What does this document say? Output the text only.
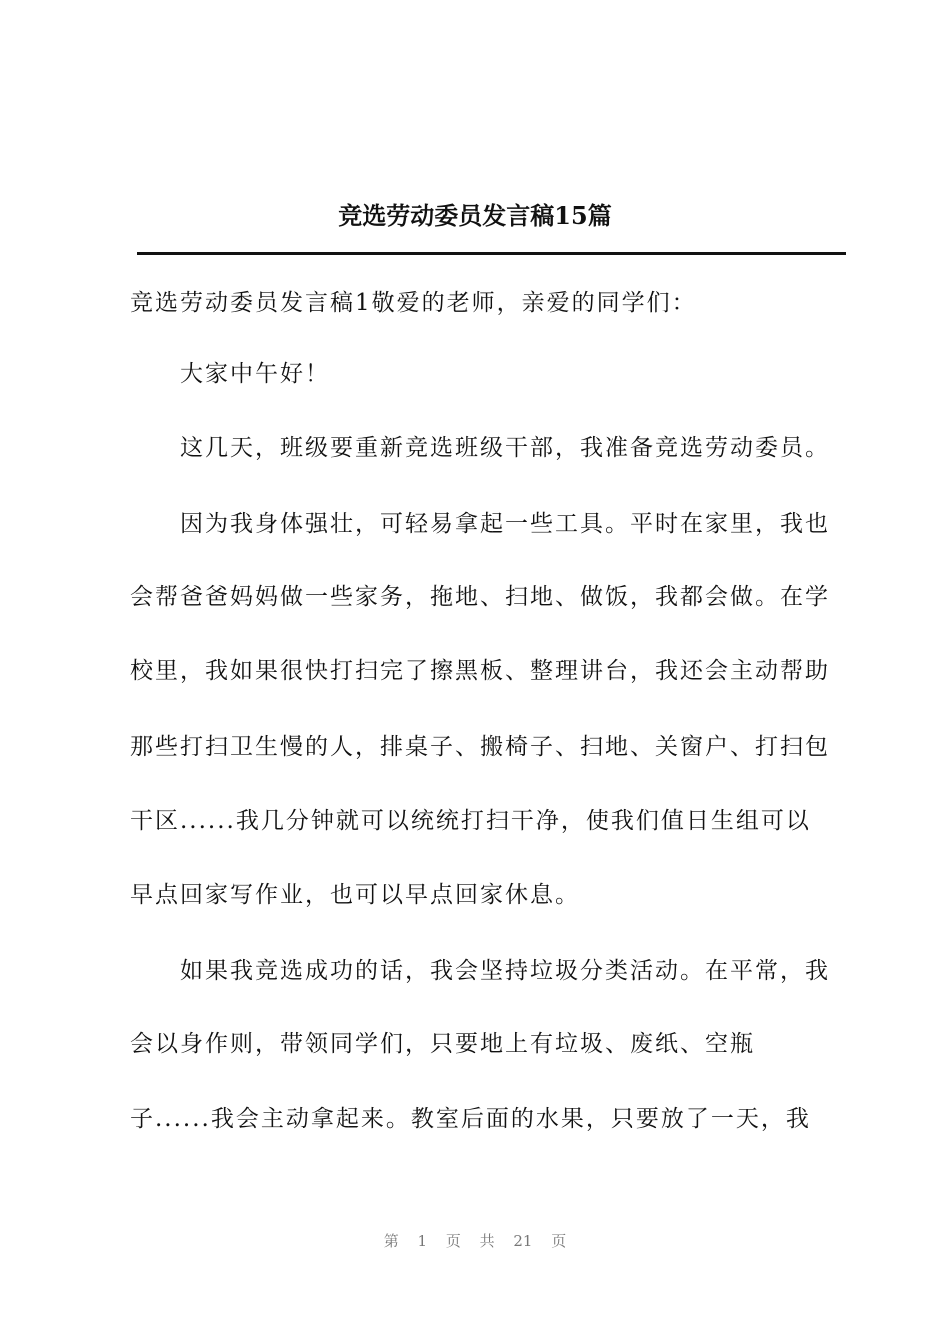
竞选劳动委员发言稿15篇
竞选劳动委员发言稿1敬爱的老师，亲爱的同学们：
大家中午好！
这几天，班级要重新竞选班级干部，我准备竞选劳动委员。
因为我身体强壮，可轻易拿起一些工具。平时在家里，我也
会帮爸爸妈妈做一些家务，拖地、扫地、做饭，我都会做。在学
校里，我如果很快打扫完了擦黑板、整理讲台，我还会主动帮助
那些打扫卫生慢的人，排桌子、搬椅子、扫地、关窗户、打扫包
干区......我几分钟就可以统统打扫干净，使我们值日生组可以
早点回家写作业，也可以早点回家休息。
如果我竞选成功的话，我会坚持垃圾分类活动。在平常，我
会以身作则，带领同学们，只要地上有垃圾、废纸、空瓶
子......我会主动拿起来。教室后面的水果，只要放了一天，我
第 1 页 共 21 页
